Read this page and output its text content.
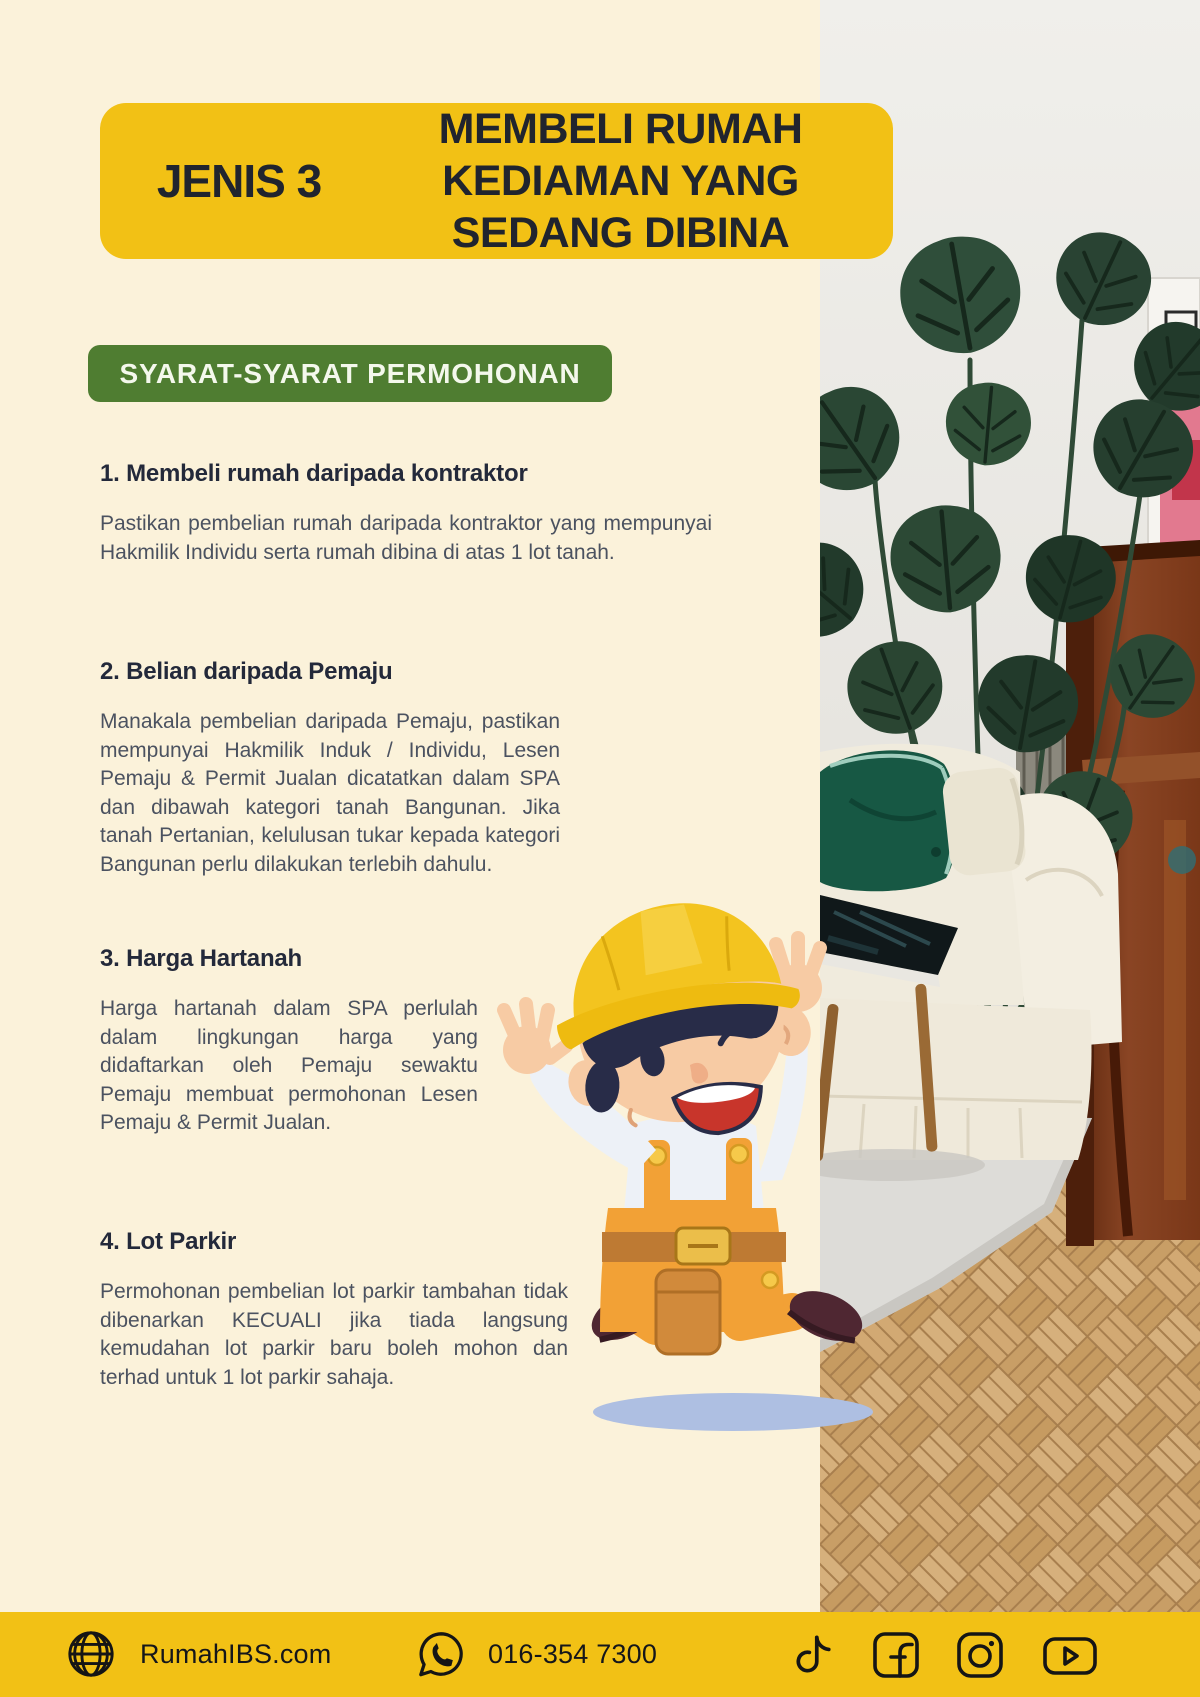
JENIS 3
MEMBELI RUMAH
KEDIAMAN YANG
SEDANG DIBINA
SYARAT-SYARAT PERMOHONAN
1. Membeli rumah daripada kontraktor

Pastikan pembelian rumah daripada kontraktor yang mempunyai Hakmilik Individu serta rumah dibina di atas 1 lot tanah.

2. Belian daripada Pemaju

Manakala pembelian daripada Pemaju, pastikan mempunyai Hakmilik Induk / Individu, Lesen Pemaju & Permit Jualan dicatatkan dalam SPA dan dibawah kategori tanah Bangunan. Jika tanah Pertanian, kelulusan tukar kepada kategori Bangunan perlu dilakukan terlebih dahulu.

3. Harga Hartanah

Harga hartanah dalam SPA perlulah dalam lingkungan harga yang didaftarkan oleh Pemaju sewaktu Pemaju membuat permohonan Lesen Pemaju & Permit Jualan.

4. Lot Parkir

Permohonan pembelian lot parkir tambahan tidak dibenarkan KECUALI jika tiada langsung kemudahan lot parkir baru boleh mohon dan terhad untuk 1 lot parkir sahaja.

RumahIBS.com	016-354 7300
